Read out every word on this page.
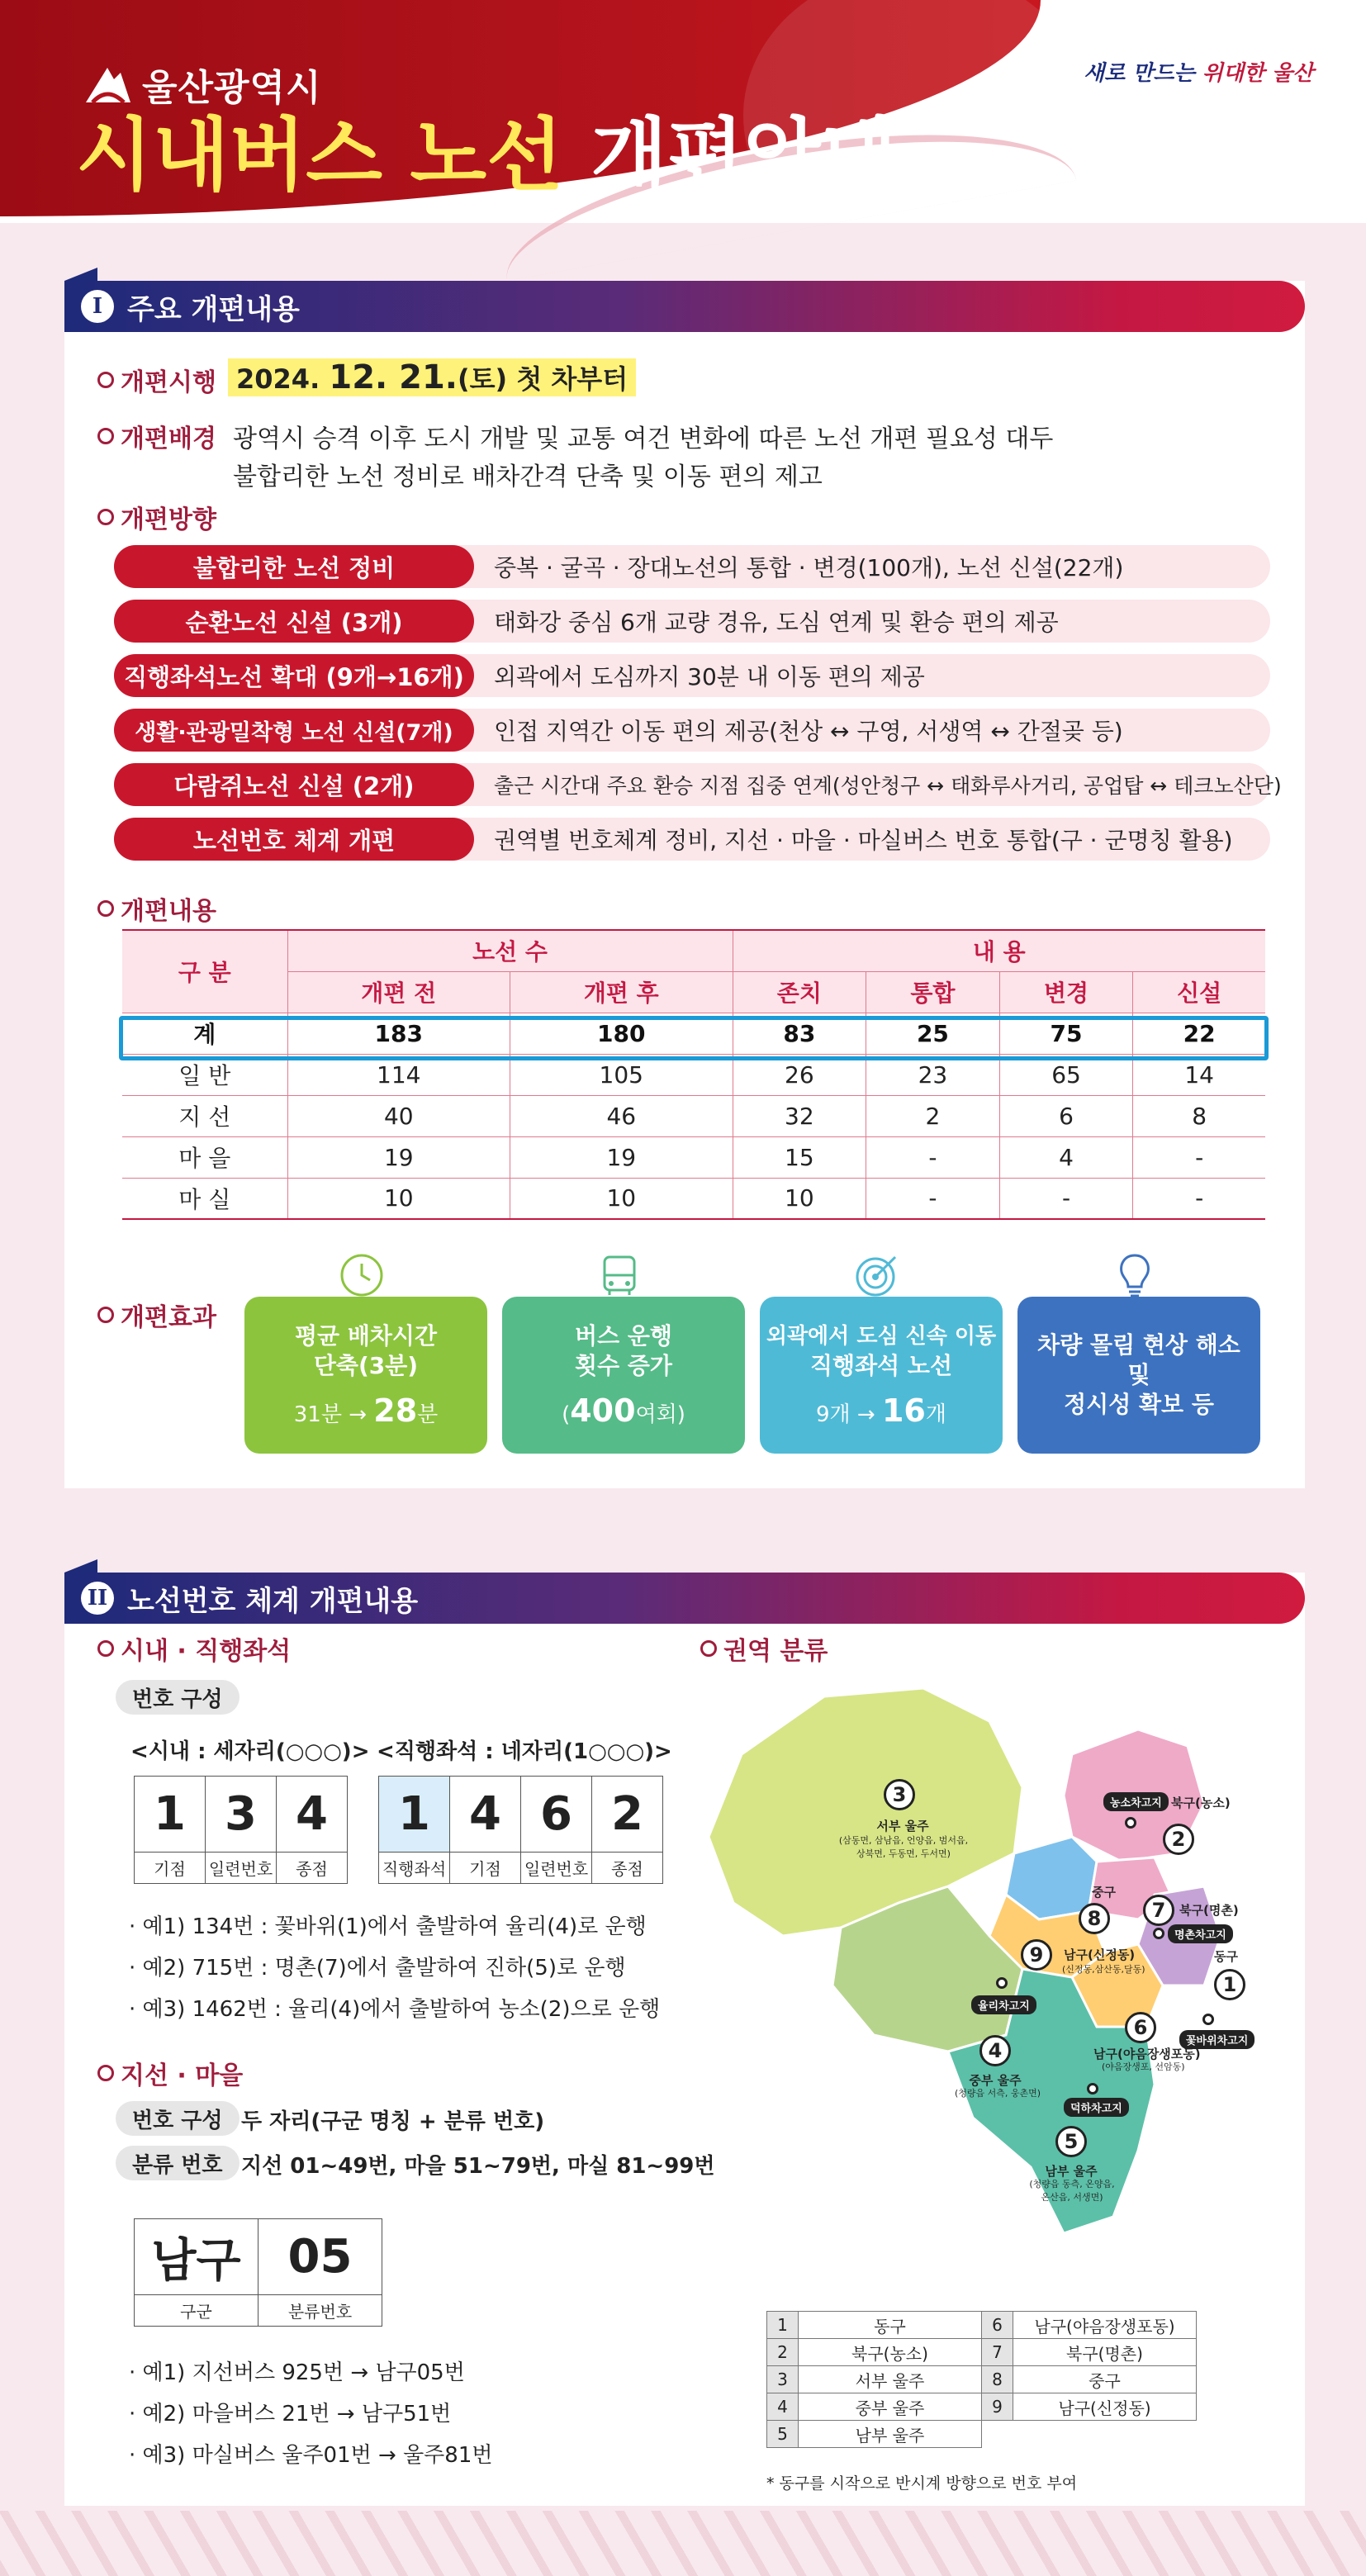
울산광역시
시내버스 노선 개편안내
새로 만드는 위대한 울산
I 주요 개편내용
개편시행 2024. 12. 21.(토) 첫 차부터
개편배경 광역시 승격 이후 도시 개발 및 교통 여건 변화에 따른 노선 개편 필요성 대두
불합리한 노선 정비로 배차간격 단축 및 이동 편의 제고
개편방향
불합리한 노선 정비	중복 · 굴곡 · 장대노선의 통합 · 변경(100개), 노선 신설(22개)
순환노선 신설 (3개)	태화강 중심 6개 교량 경유, 도심 연계 및 환승 편의 제공
직행좌석노선 확대 (9개→16개)	외곽에서 도심까지 30분 내 이동 편의 제공
생활·관광밀착형 노선 신설(7개)	인접 지역간 이동 편의 제공(천상 ↔ 구영, 서생역 ↔ 간절곶 등)
다람쥐노선 신설 (2개)	출근 시간대 주요 환승 지점 집중 연계(성안청구 ↔ 태화루사거리, 공업탑 ↔ 테크노산단)
노선번호 체계 개편	권역별 번호체계 정비, 지선 · 마을 · 마실버스 번호 통합(구 · 군명칭 활용)
개편내용
구 분	노선 수		내 용			
	개편 전	개편 후	존치	통합	변경	신설
계	183	180	83	25	75	22
일 반	114	105	26	23	65	14
지 선	40	46	32	2	6	8
마 을	19	19	15	-	4	-
마 실	10	10	10	-	-	-
개편효과
평균 배차시간
단축(3분)
31분 → 28분
버스 운행
횟수 증가
(400여회)
외곽에서 도심 신속 이동
직행좌석 노선
9개 → 16개
차량 몰림 현상 해소
및
정시성 확보 등
II 노선번호 체계 개편내용
시내 · 직행좌석
번호 구성
<시내 : 세자리(○○○)> <직행좌석 : 네자리(1○○○)>
1	3	4
기점	일련번호	종점
1	4	6	2
직행좌석	기점	일련번호	종점
· 예1) 134번 : 꽃바위(1)에서 출발하여 율리(4)로 운행
· 예2) 715번 : 명촌(7)에서 출발하여 진하(5)로 운행
· 예3) 1462번 : 율리(4)에서 출발하여 농소(2)으로 운행
지선 · 마을
번호 구성 두 자리(구군 명칭 + 분류 번호)
분류 번호 지선 01~49번, 마을 51~79번, 마실 81~99번
남구	05
구군	분류번호
· 예1) 지선버스 925번 → 남구05번
· 예2) 마을버스 21번 → 남구51번
· 예3) 마실버스 울주01번 → 울주81번
권역 분류
3
서부 울주
(삼동면, 삼남읍, 언양읍, 범서읍,
상북면, 두동면, 두서면)
농소차고지 북구(농소)
2
중구
8	7	북구(명촌)
명촌차고지
동구
1
꽃바위차고지
9	남구(신정동)
(신정동,삼산동,달동)
율리차고지
6
남구(야음장생포동)
(야음장생포, 선암동)
4
중부 울주
(청량읍 서측, 웅촌면)
덕하차고지
5
남부 울주
(청량읍 동측, 온양읍,
온산읍, 서생면)
1	동구	6	남구(야음장생포동)
2	북구(농소)	7	북구(명촌)
3	서부 울주	8	중구
4	중부 울주	9	남구(신정동)
5	남부 울주		
* 동구를 시작으로 반시계 방향으로 번호 부여
